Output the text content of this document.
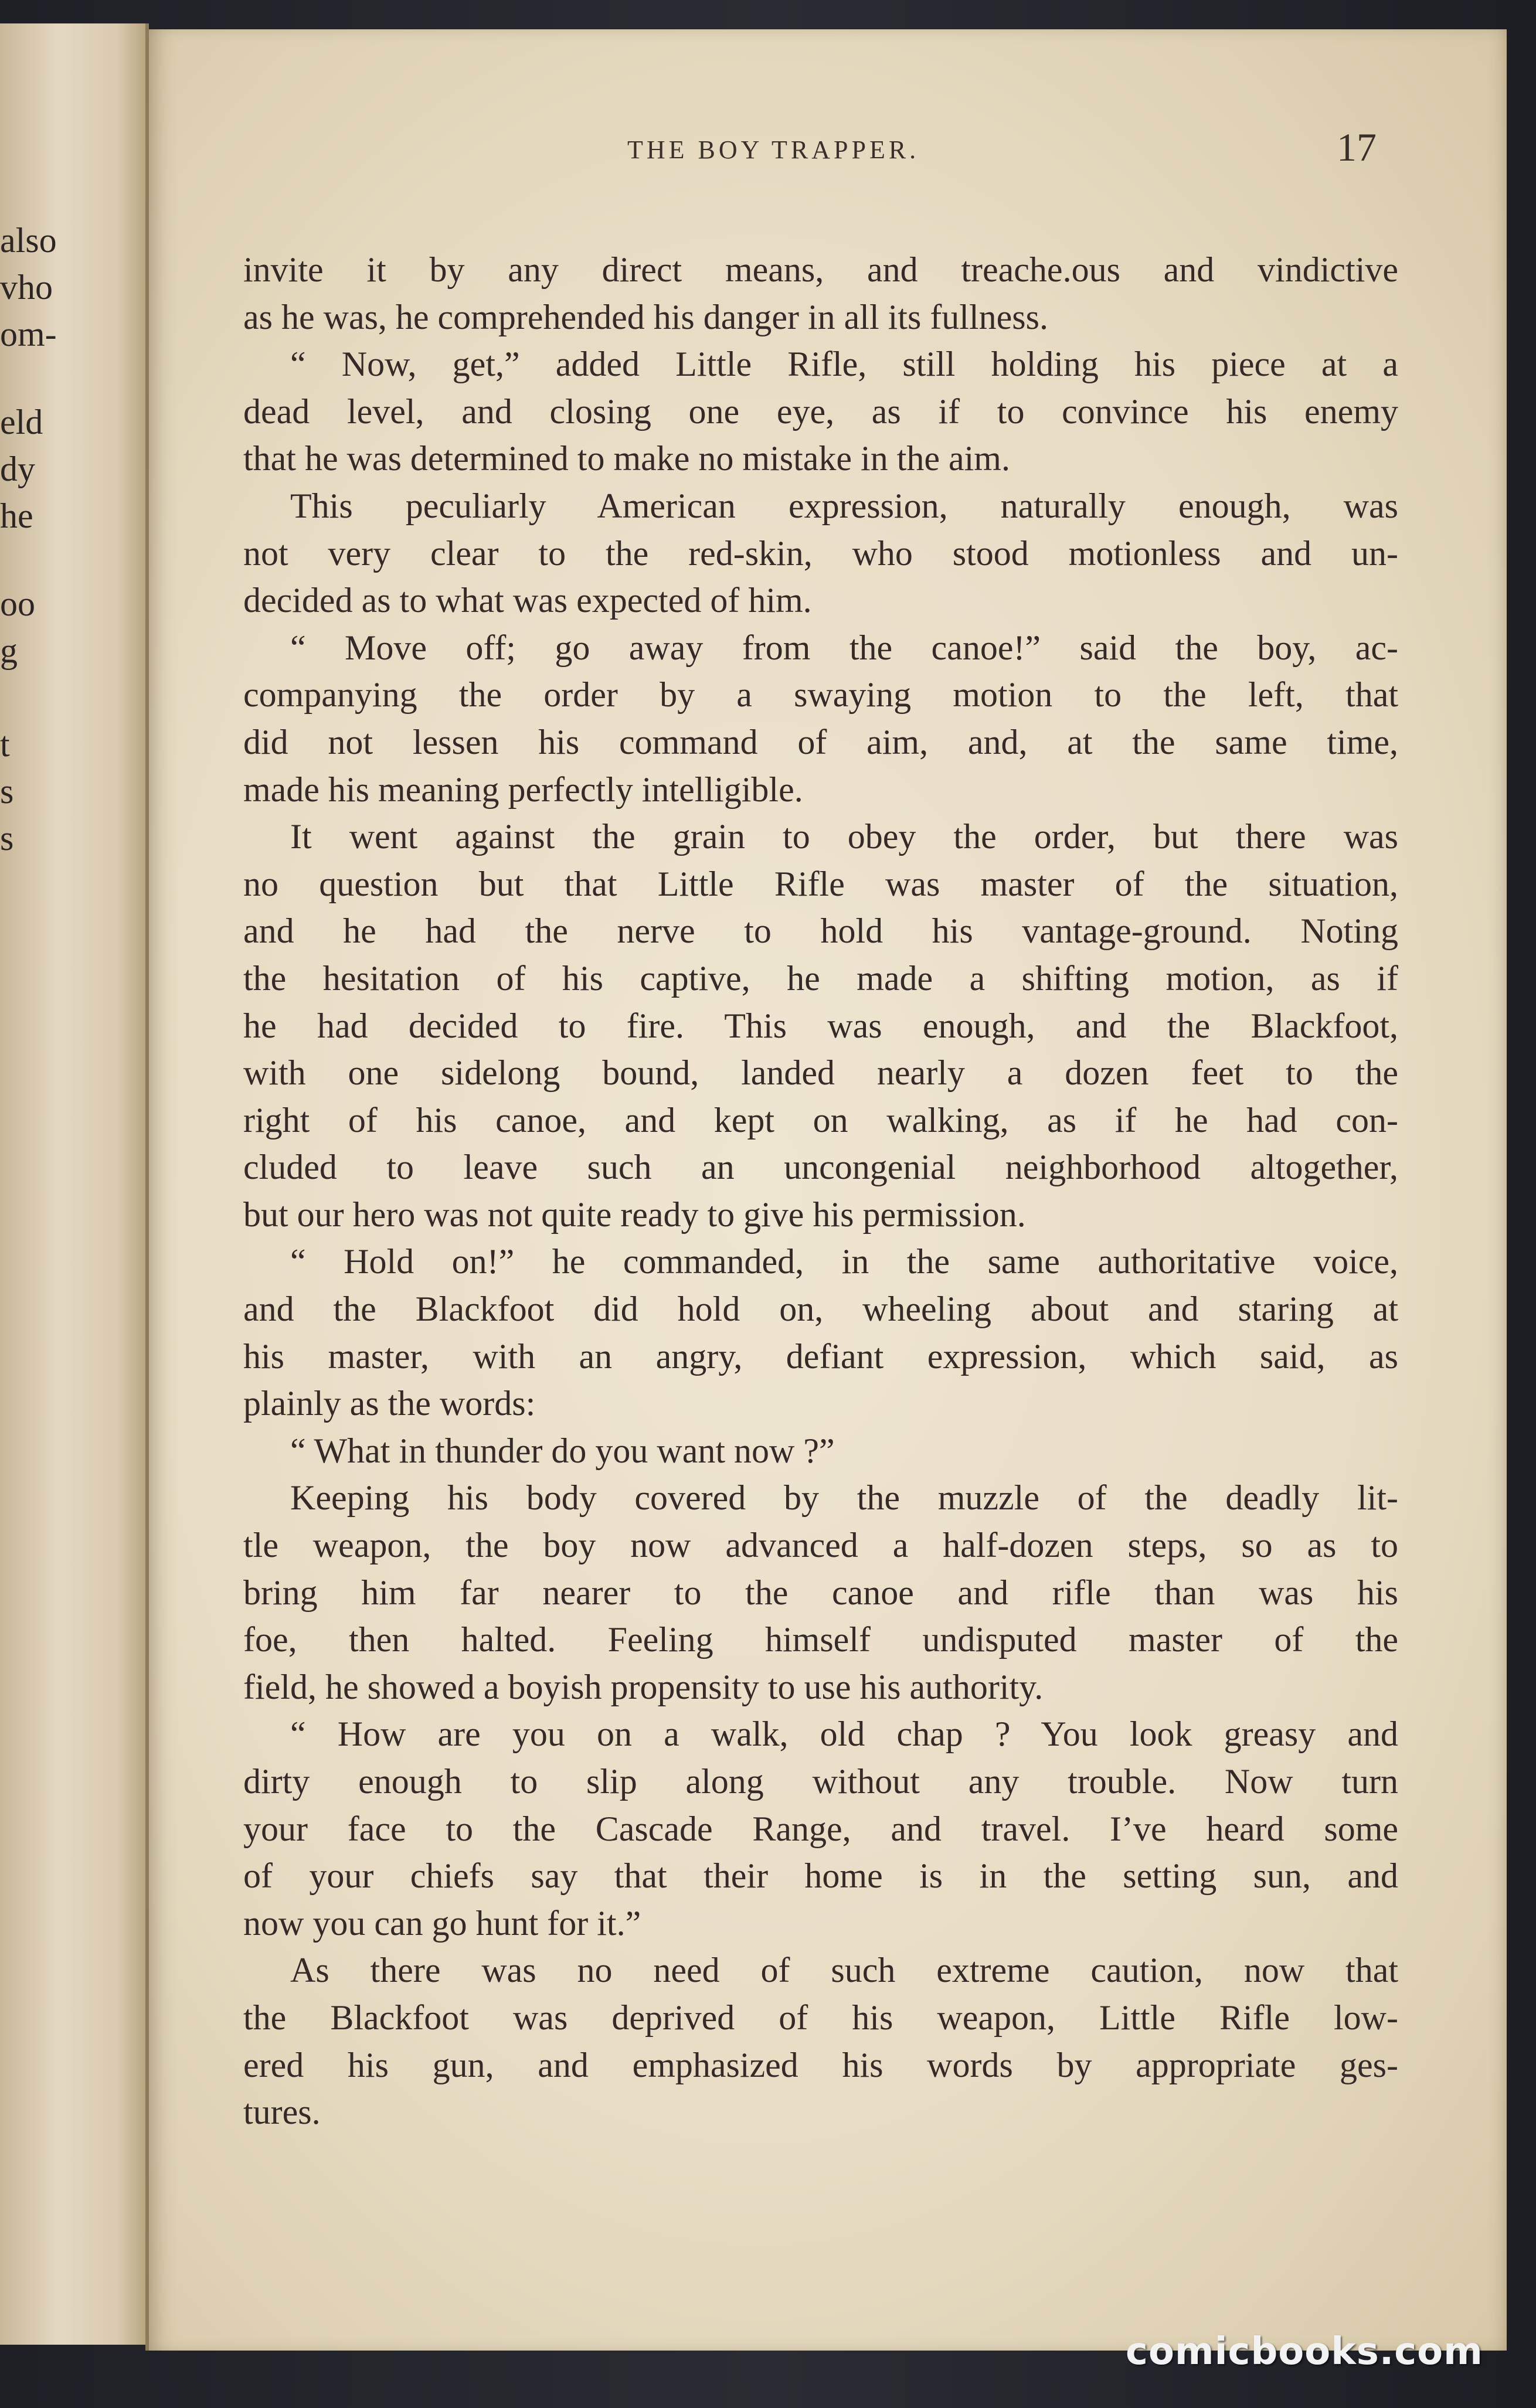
also
vho
om-
eld
dy
he
oo
g
t
s
s
THE BOY TRAPPER.	17
invite it by any direct means, and treache.ous and vindictive
as he was, he comprehended his danger in all its fullness.
“ Now, get,” added Little Rifle, still holding his piece at a
dead level, and closing one eye, as if to convince his enemy
that he was determined to make no mistake in the aim.
This peculiarly American expression, naturally enough, was
not very clear to the red-skin, who stood motionless and un-
decided as to what was expected of him.
“ Move off; go away from the canoe!” said the boy, ac-
companying the order by a swaying motion to the left, that
did not lessen his command of aim, and, at the same time,
made his meaning perfectly intelligible.
It went against the grain to obey the order, but there was
no question but that Little Rifle was master of the situation,
and he had the nerve to hold his vantage-ground. Noting
the hesitation of his captive, he made a shifting motion, as if
he had decided to fire. This was enough, and the Blackfoot,
with one sidelong bound, landed nearly a dozen feet to the
right of his canoe, and kept on walking, as if he had con-
cluded to leave such an uncongenial neighborhood altogether,
but our hero was not quite ready to give his permission.
“ Hold on!” he commanded, in the same authoritative voice,
and the Blackfoot did hold on, wheeling about and staring at
his master, with an angry, defiant expression, which said, as
plainly as the words:
“ What in thunder do you want now ?”
Keeping his body covered by the muzzle of the deadly lit-
tle weapon, the boy now advanced a half-dozen steps, so as to
bring him far nearer to the canoe and rifle than was his
foe, then halted. Feeling himself undisputed master of the
field, he showed a boyish propensity to use his authority.
“ How are you on a walk, old chap ? You look greasy and
dirty enough to slip along without any trouble. Now turn
your face to the Cascade Range, and travel. I’ve heard some
of your chiefs say that their home is in the setting sun, and
now you can go hunt for it.”
As there was no need of such extreme caution, now that
the Blackfoot was deprived of his weapon, Little Rifle low-
ered his gun, and emphasized his words by appropriate ges-
tures.
comicbooks.com
